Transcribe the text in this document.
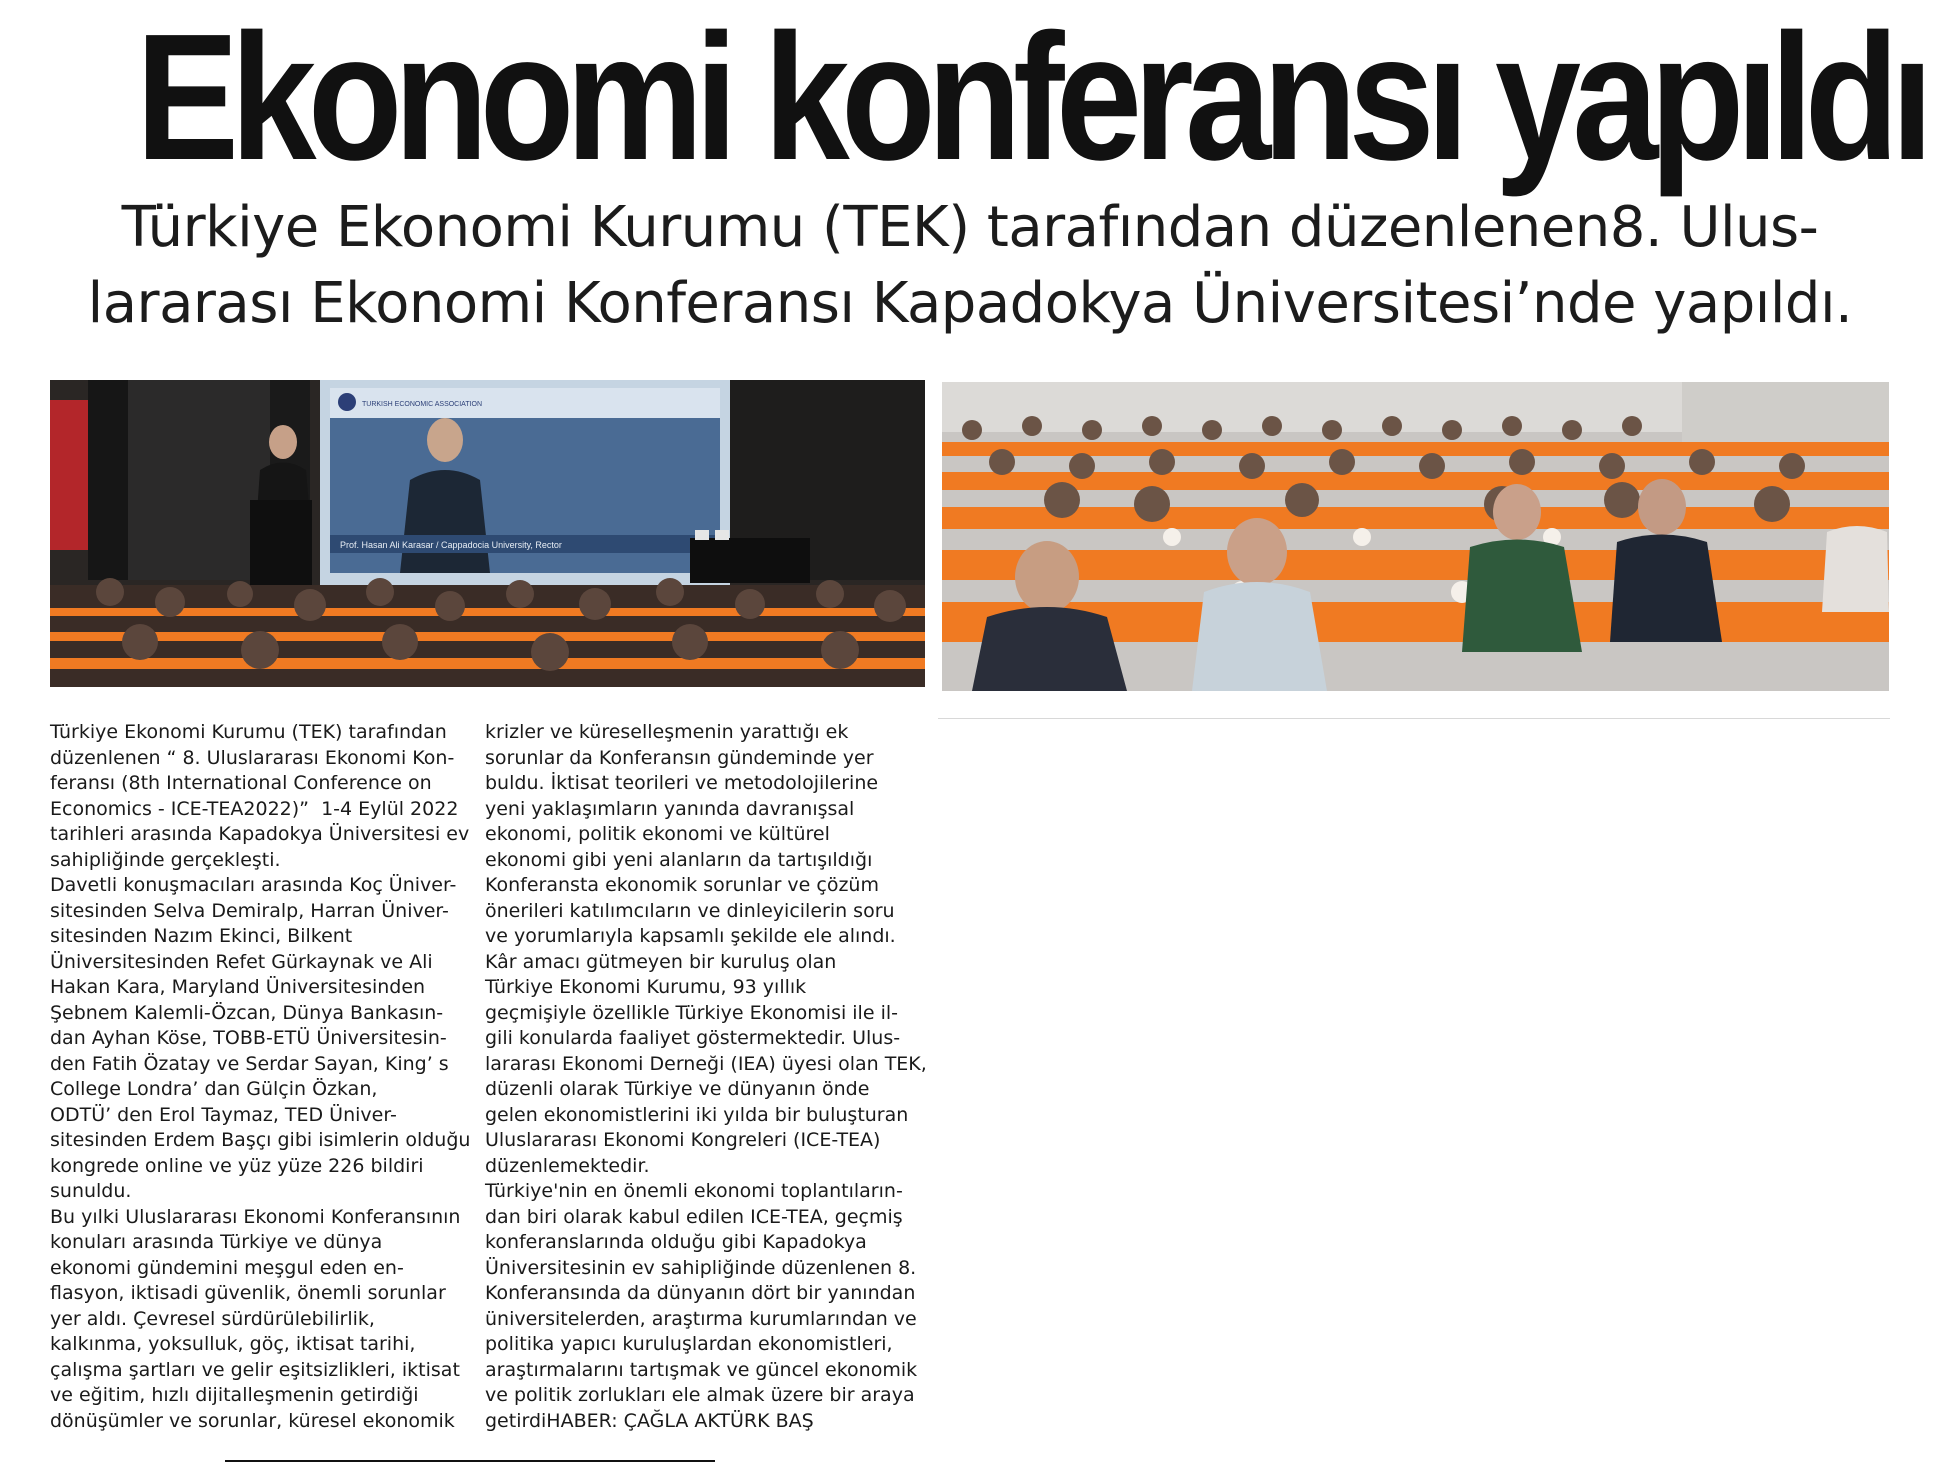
Ekonomi konferansı yapıldı
Türkiye Ekonomi Kurumu (TEK) tarafından düzenlenen8. Ulus-
lararası Ekonomi Konferansı Kapadokya Üniversitesi’nde yapıldı.
TURKISH ECONOMIC ASSOCIATION
Prof. Hasan Ali Karasar / Cappadocia University, Rector
Türkiye Ekonomi Kurumu (TEK) tarafından
düzenlenen “ 8. Uluslararası Ekonomi Kon-
feransı (8th International Conference on
Economics - ICE-TEA2022)”  1-4 Eylül 2022
tarihleri arasında Kapadokya Üniversitesi ev
sahipliğinde gerçekleşti.
Davetli konuşmacıları arasında Koç Üniver-
sitesinden Selva Demiralp, Harran Üniver-
sitesinden Nazım Ekinci, Bilkent
Üniversitesinden Refet Gürkaynak ve Ali
Hakan Kara, Maryland Üniversitesinden
Şebnem Kalemli-Özcan, Dünya Bankasın-
dan Ayhan Köse, TOBB-ETÜ Üniversitesin-
den Fatih Özatay ve Serdar Sayan, King’ s
College Londra’ dan Gülçin Özkan,
ODTÜ’ den Erol Taymaz, TED Üniver-
sitesinden Erdem Başçı gibi isimlerin olduğu
kongrede online ve yüz yüze 226 bildiri
sunuldu.
Bu yılki Uluslararası Ekonomi Konferansının
konuları arasında Türkiye ve dünya
ekonomi gündemini meşgul eden en-
flasyon, iktisadi güvenlik, önemli sorunlar
yer aldı. Çevresel sürdürülebilirlik,
kalkınma, yoksulluk, göç, iktisat tarihi,
çalışma şartları ve gelir eşitsizlikleri, iktisat
ve eğitim, hızlı dijitalleşmenin getirdiği
dönüşümler ve sorunlar, küresel ekonomik
krizler ve küreselleşmenin yarattığı ek
sorunlar da Konferansın gündeminde yer
buldu. İktisat teorileri ve metodolojilerine
yeni yaklaşımların yanında davranışsal
ekonomi, politik ekonomi ve kültürel
ekonomi gibi yeni alanların da tartışıldığı
Konferansta ekonomik sorunlar ve çözüm
önerileri katılımcıların ve dinleyicilerin soru
ve yorumlarıyla kapsamlı şekilde ele alındı.
Kâr amacı gütmeyen bir kuruluş olan
Türkiye Ekonomi Kurumu, 93 yıllık
geçmişiyle özellikle Türkiye Ekonomisi ile il-
gili konularda faaliyet göstermektedir. Ulus-
lararası Ekonomi Derneği (IEA) üyesi olan TEK,
düzenli olarak Türkiye ve dünyanın önde
gelen ekonomistlerini iki yılda bir buluşturan
Uluslararası Ekonomi Kongreleri (ICE-TEA)
düzenlemektedir.
Türkiye'nin en önemli ekonomi toplantıların-
dan biri olarak kabul edilen ICE-TEA, geçmiş
konferanslarında olduğu gibi Kapadokya
Üniversitesinin ev sahipliğinde düzenlenen 8.
Konferansında da dünyanın dört bir yanından
üniversitelerden, araştırma kurumlarından ve
politika yapıcı kuruluşlardan ekonomistleri,
araştırmalarını tartışmak ve güncel ekonomik
ve politik zorlukları ele almak üzere bir araya
getirdiHABER: ÇAĞLA AKTÜRK BAŞ
